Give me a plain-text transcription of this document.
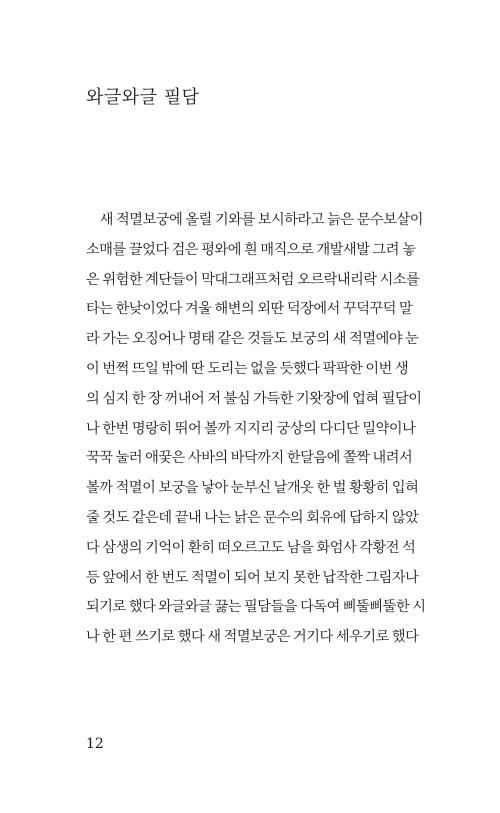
와글와글 필담
　새 적멸보궁에 올릴 기와를 보시하라고 늙은 문수보살이
소매를 끌었다 검은 평와에 흰 매직으로 개발새발 그려 놓
은 위험한 계단들이 막대그래프처럼 오르락내리락 시소를
타는 한낮이었다 겨울 해변의 외딴 덕장에서 꾸덕꾸덕 말
라 가는 오징어나 명태 같은 것들도 보궁의 새 적멸에야 눈
이 번쩍 뜨일 밖에 딴 도리는 없을 듯했다 팍팍한 이번 생
의 심지 한 장 꺼내어 저 불심 가득한 기왓장에 업혀 필담이
나 한번 명랑히 뛰어 볼까 지지리 궁상의 다디단 밀약이나
꾹꾹 눌러 애꿎은 사바의 바닥까지 한달음에 쫄짝 내려서
볼까 적멸이 보궁을 낳아 눈부신 날개옷 한 벌 황황히 입혀
줄 것도 같은데 끝내 나는 낡은 문수의 회유에 답하지 않았
다 삼생의 기억이 환히 떠오르고도 남을 화엄사 각황전 석
등 앞에서 한 번도 적멸이 되어 보지 못한 납작한 그림자나
되기로 했다 와글와글 끓는 필담들을 다독여 삐뚤삐뚤한 시
나 한 편 쓰기로 했다 새 적멸보궁은 거기다 세우기로 했다
12
